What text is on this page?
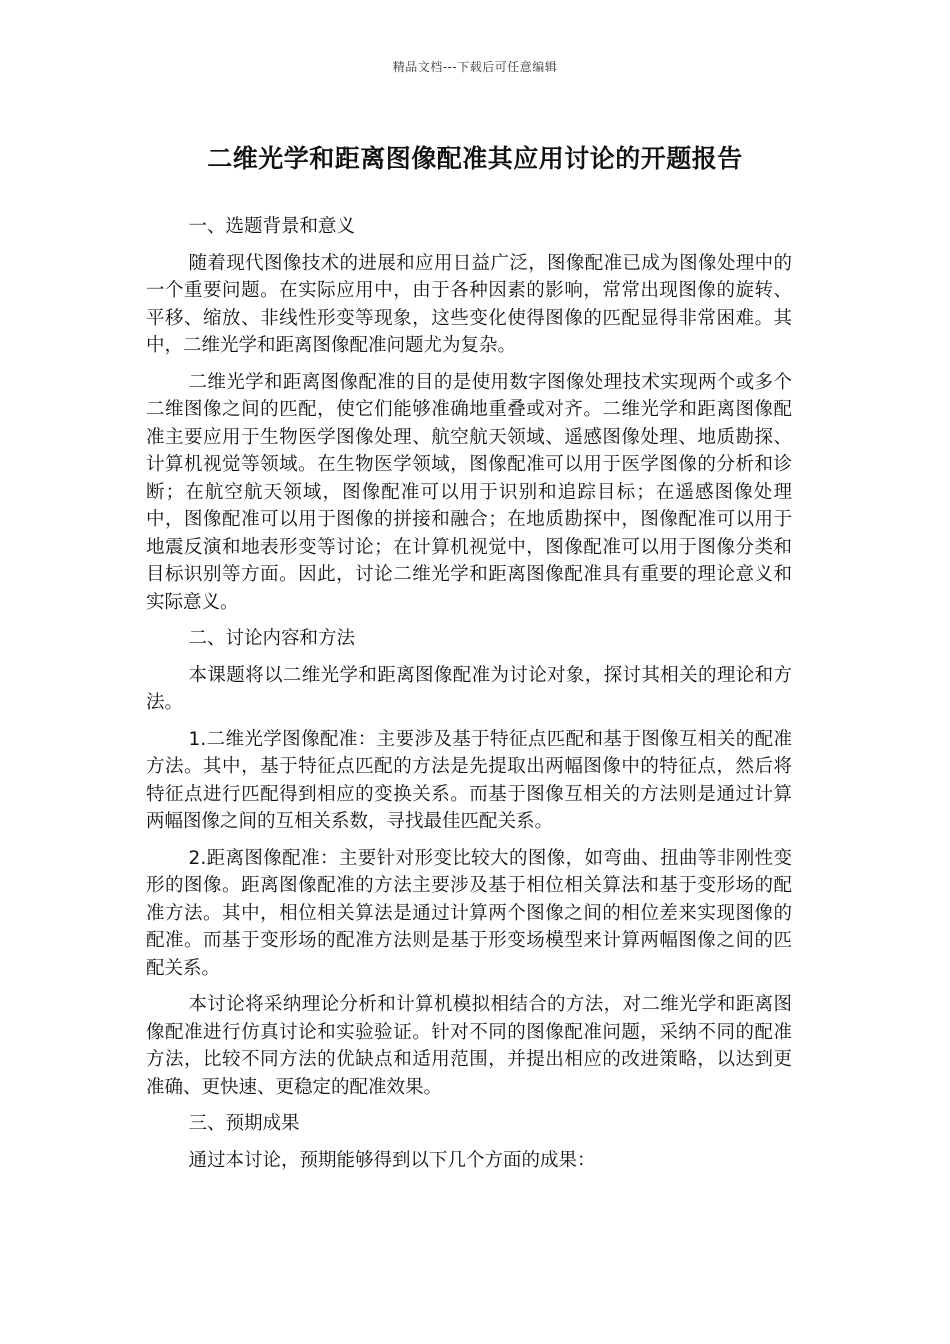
精品文档---下载后可任意编辑
二维光学和距离图像配准其应用讨论的开题报告

一、选题背景和意义

随着现代图像技术的进展和应用日益广泛，图像配准已成为图像处理中的一个重要问题。在实际应用中，由于各种因素的影响，常常出现图像的旋转、平移、缩放、非线性形变等现象，这些变化使得图像的匹配显得非常困难。其中，二维光学和距离图像配准问题尤为复杂。

二维光学和距离图像配准的目的是使用数字图像处理技术实现两个或多个二维图像之间的匹配，使它们能够准确地重叠或对齐。二维光学和距离图像配准主要应用于生物医学图像处理、航空航天领域、遥感图像处理、地质勘探、计算机视觉等领域。在生物医学领域，图像配准可以用于医学图像的分析和诊断；在航空航天领域，图像配准可以用于识别和追踪目标；在遥感图像处理中，图像配准可以用于图像的拼接和融合；在地质勘探中，图像配准可以用于地震反演和地表形变等讨论；在计算机视觉中，图像配准可以用于图像分类和目标识别等方面。因此，讨论二维光学和距离图像配准具有重要的理论意义和实际意义。

二、讨论内容和方法

本课题将以二维光学和距离图像配准为讨论对象，探讨其相关的理论和方法。

1.二维光学图像配准：主要涉及基于特征点匹配和基于图像互相关的配准方法。其中，基于特征点匹配的方法是先提取出两幅图像中的特征点，然后将特征点进行匹配得到相应的变换关系。而基于图像互相关的方法则是通过计算两幅图像之间的互相关系数，寻找最佳匹配关系。

2.距离图像配准：主要针对形变比较大的图像，如弯曲、扭曲等非刚性变形的图像。距离图像配准的方法主要涉及基于相位相关算法和基于变形场的配准方法。其中，相位相关算法是通过计算两个图像之间的相位差来实现图像的配准。而基于变形场的配准方法则是基于形变场模型来计算两幅图像之间的匹配关系。

本讨论将采纳理论分析和计算机模拟相结合的方法，对二维光学和距离图像配准进行仿真讨论和实验验证。针对不同的图像配准问题，采纳不同的配准方法，比较不同方法的优缺点和适用范围，并提出相应的改进策略，以达到更准确、更快速、更稳定的配准效果。

三、预期成果

通过本讨论，预期能够得到以下几个方面的成果：
